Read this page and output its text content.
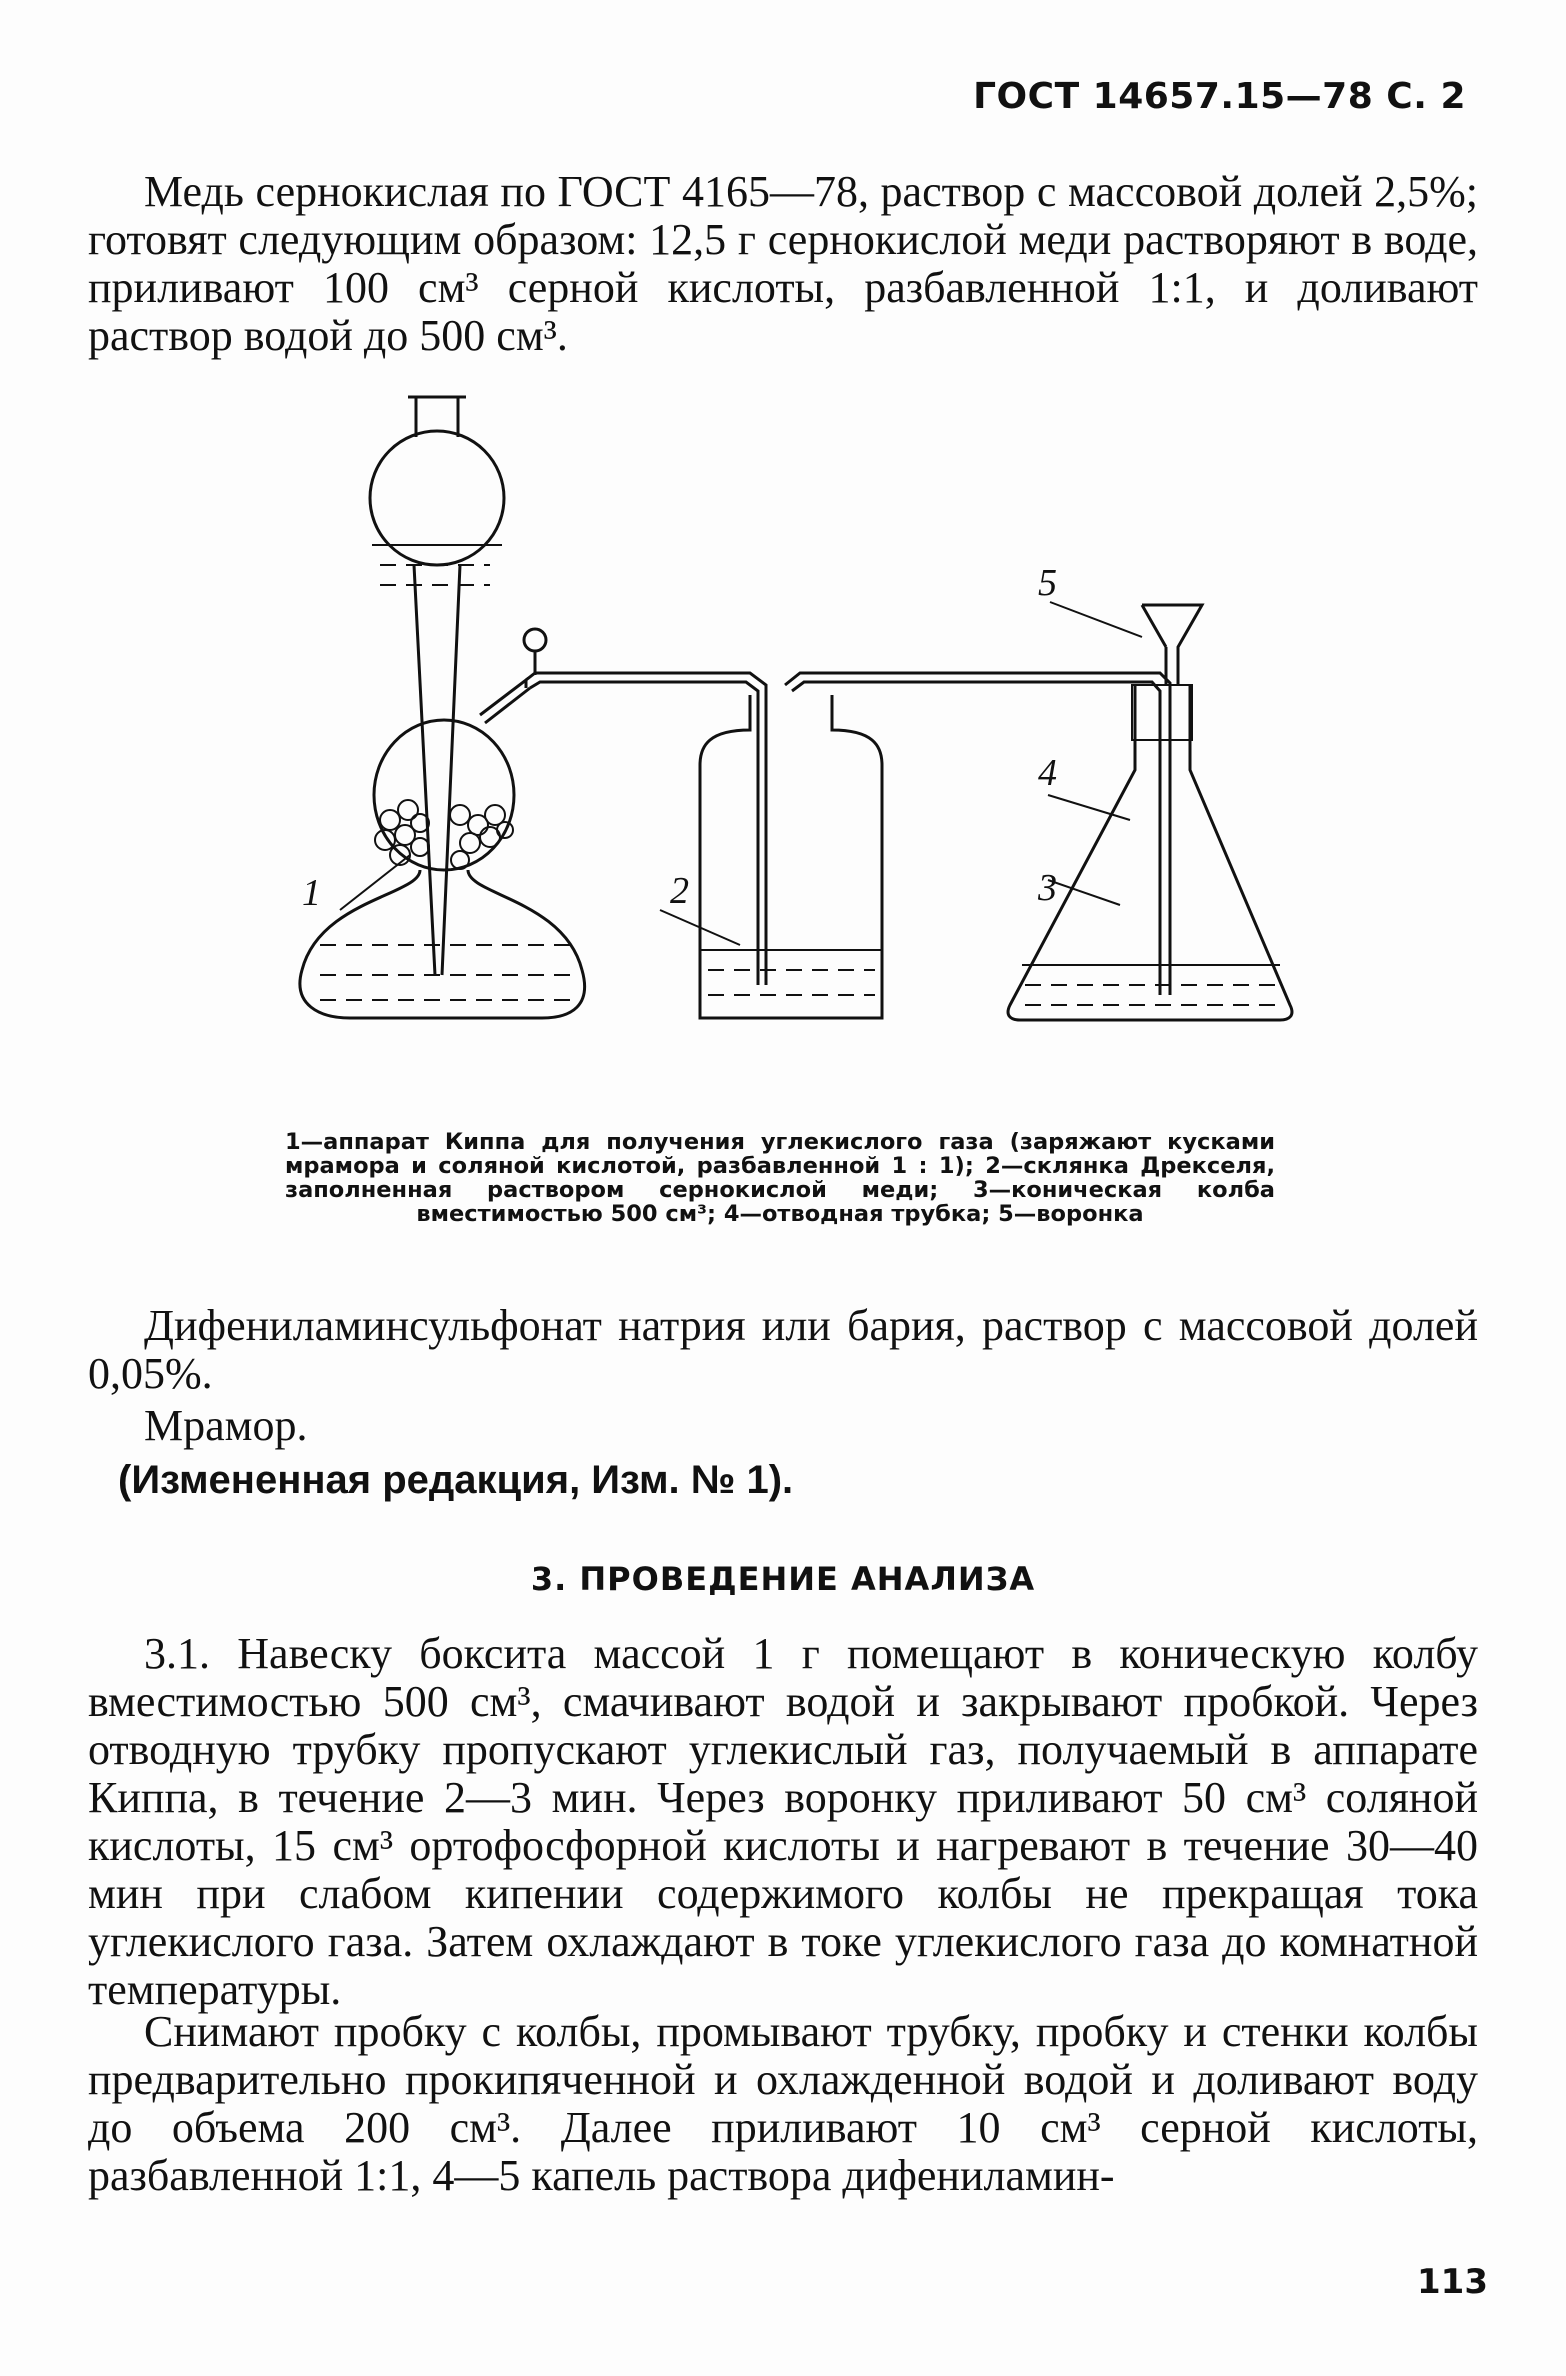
ГОСТ 14657.15—78 С. 2
Медь сернокислая по ГОСТ 4165—78, раствор с массовой долей 2,5%; готовят следующим образом: 12,5 г сернокислой меди растворяют в воде, приливают 100 см³ серной кислоты, разбавленной 1:1, и доливают раствор водой до 500 см³.
1	2	3
4
5
1—аппарат Киппа для получения углекислого газа (заряжают кусками мрамора и соляной кислотой, разбавленной 1 : 1); 2—склянка Дрекселя, заполненная раствором сернокислой меди; 3—коническая колба вместимостью 500 см³; 4—отводная трубка; 5—воронка
Дифениламинсульфонат натрия или бария, раствор с массовой долей 0,05%.
Мрамор.
(Измененная редакция, Изм. № 1).
3. ПРОВЕДЕНИЕ АНАЛИЗА
3.1. Навеску боксита массой 1 г помещают в коническую колбу вместимостью 500 см³, смачивают водой и закрывают пробкой. Через отводную трубку пропускают углекислый газ, получаемый в аппарате Киппа, в течение 2—3 мин. Через воронку приливают 50 см³ соляной кислоты, 15 см³ ортофосфорной кислоты и нагревают в течение 30—40 мин при слабом кипении содержимого колбы не прекращая тока углекислого газа. Затем охлаждают в токе углекислого газа до комнатной температуры.
Снимают пробку с колбы, промывают трубку, пробку и стенки колбы предварительно прокипяченной и охлажденной водой и доливают воду до объема 200 см³. Далее приливают 10 см³ серной кислоты, разбавленной 1:1, 4—5 капель раствора дифениламин-
113
